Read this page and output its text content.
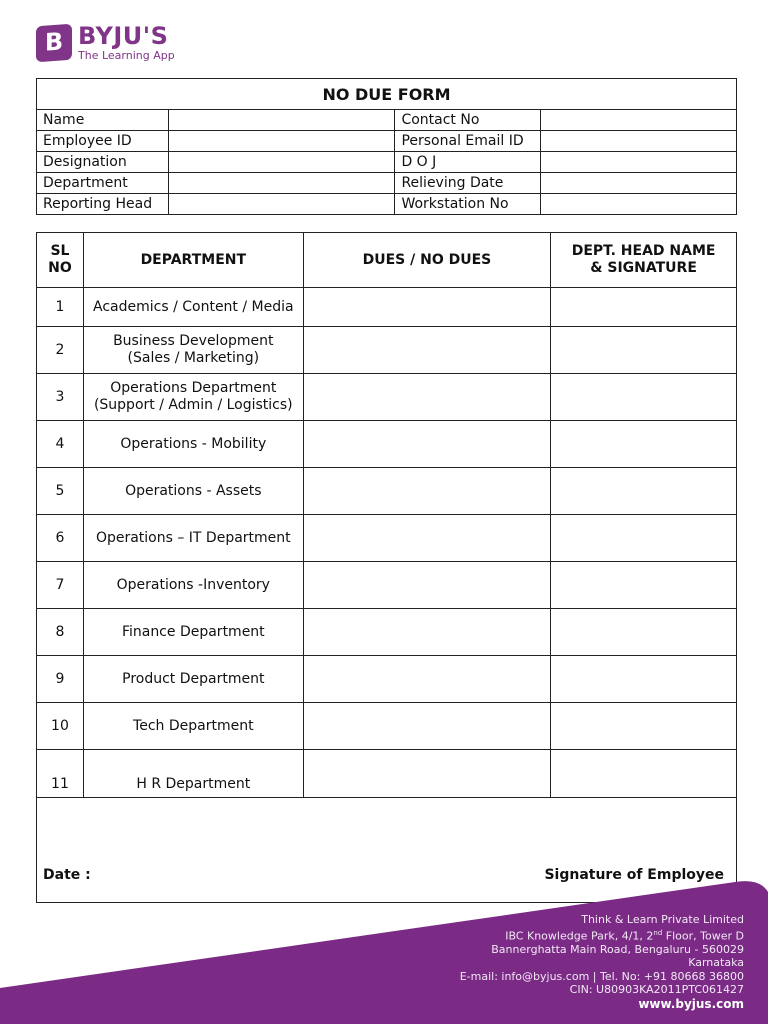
B BYJU'S
The Learning App
NO DUE FORM			
Name		Contact No	
Employee ID		Personal Email ID	
Designation		D O J	
Department		Relieving Date	
Reporting Head		Workstation No	
SL
NO	DEPARTMENT	DUES / NO DUES	DEPT. HEAD NAME
& SIGNATURE
1	Academics / Content / Media		
2	Business Development
(Sales / Marketing)		
3	Operations Department
(Support / Admin / Logistics)		
4	Operations - Mobility		
5	Operations - Assets		
6	Operations – IT Department		
7	Operations -Inventory		
8	Finance Department		
9	Product Department		
10	Tech Department		
11	H R Department		

Date : Signature of Employee			
Think & Learn Private Limited
IBC Knowledge Park, 4/1, 2nd Floor, Tower D
Bannerghatta Main Road, Bengaluru - 560029
Karnataka
E-mail: info@byjus.com | Tel. No: +91 80668 36800
CIN: U80903KA2011PTC061427
www.byjus.com
